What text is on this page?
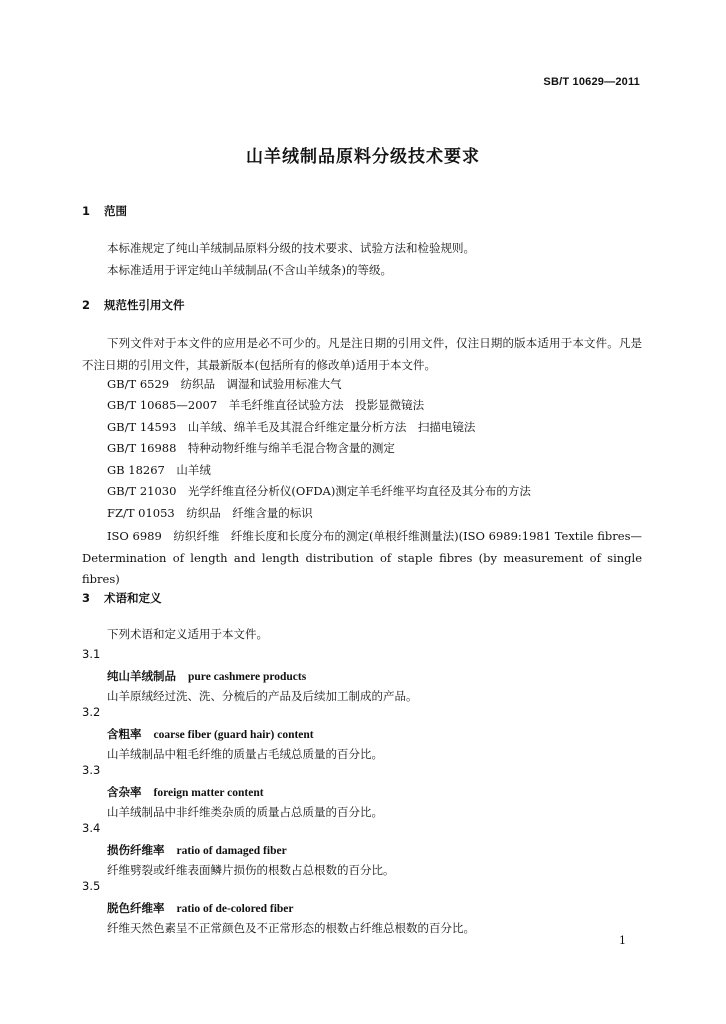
SB/T 10629—2011
山羊绒制品原料分级技术要求
1 范围
本标准规定了纯山羊绒制品原料分级的技术要求、试验方法和检验规则。
本标准适用于评定纯山羊绒制品(不含山羊绒条)的等级。
2 规范性引用文件
下列文件对于本文件的应用是必不可少的。凡是注日期的引用文件，仅注日期的版本适用于本文件。凡是不注日期的引用文件，其最新版本(包括所有的修改单)适用于本文件。
GB/T 6529　纺织品　调湿和试验用标准大气
GB/T 10685—2007　羊毛纤维直径试验方法　投影显微镜法
GB/T 14593　山羊绒、绵羊毛及其混合纤维定量分析方法　扫描电镜法
GB/T 16988　特种动物纤维与绵羊毛混合物含量的测定
GB 18267　山羊绒
GB/T 21030　光学纤维直径分析仪(OFDA)测定羊毛纤维平均直径及其分布的方法
FZ/T 01053　纺织品　纤维含量的标识
ISO 6989　纺织纤维　纤维长度和长度分布的测定(单根纤维测量法)(ISO 6989:1981 Textile fibres—Determination of length and length distribution of staple fibres (by measurement of single fibres)
3 术语和定义
下列术语和定义适用于本文件。
3.1
纯山羊绒制品 pure cashmere products
山羊原绒经过洗、洗、分梳后的产品及后续加工制成的产品。
3.2
含粗率 coarse fiber (guard hair) content
山羊绒制品中粗毛纤维的质量占毛绒总质量的百分比。
3.3
含杂率 foreign matter content
山羊绒制品中非纤维类杂质的质量占总质量的百分比。
3.4
损伤纤维率 ratio of damaged fiber
纤维劈裂或纤维表面鳞片损伤的根数占总根数的百分比。
3.5
脱色纤维率 ratio of de-colored fiber
纤维天然色素呈不正常颜色及不正常形态的根数占纤维总根数的百分比。
1
